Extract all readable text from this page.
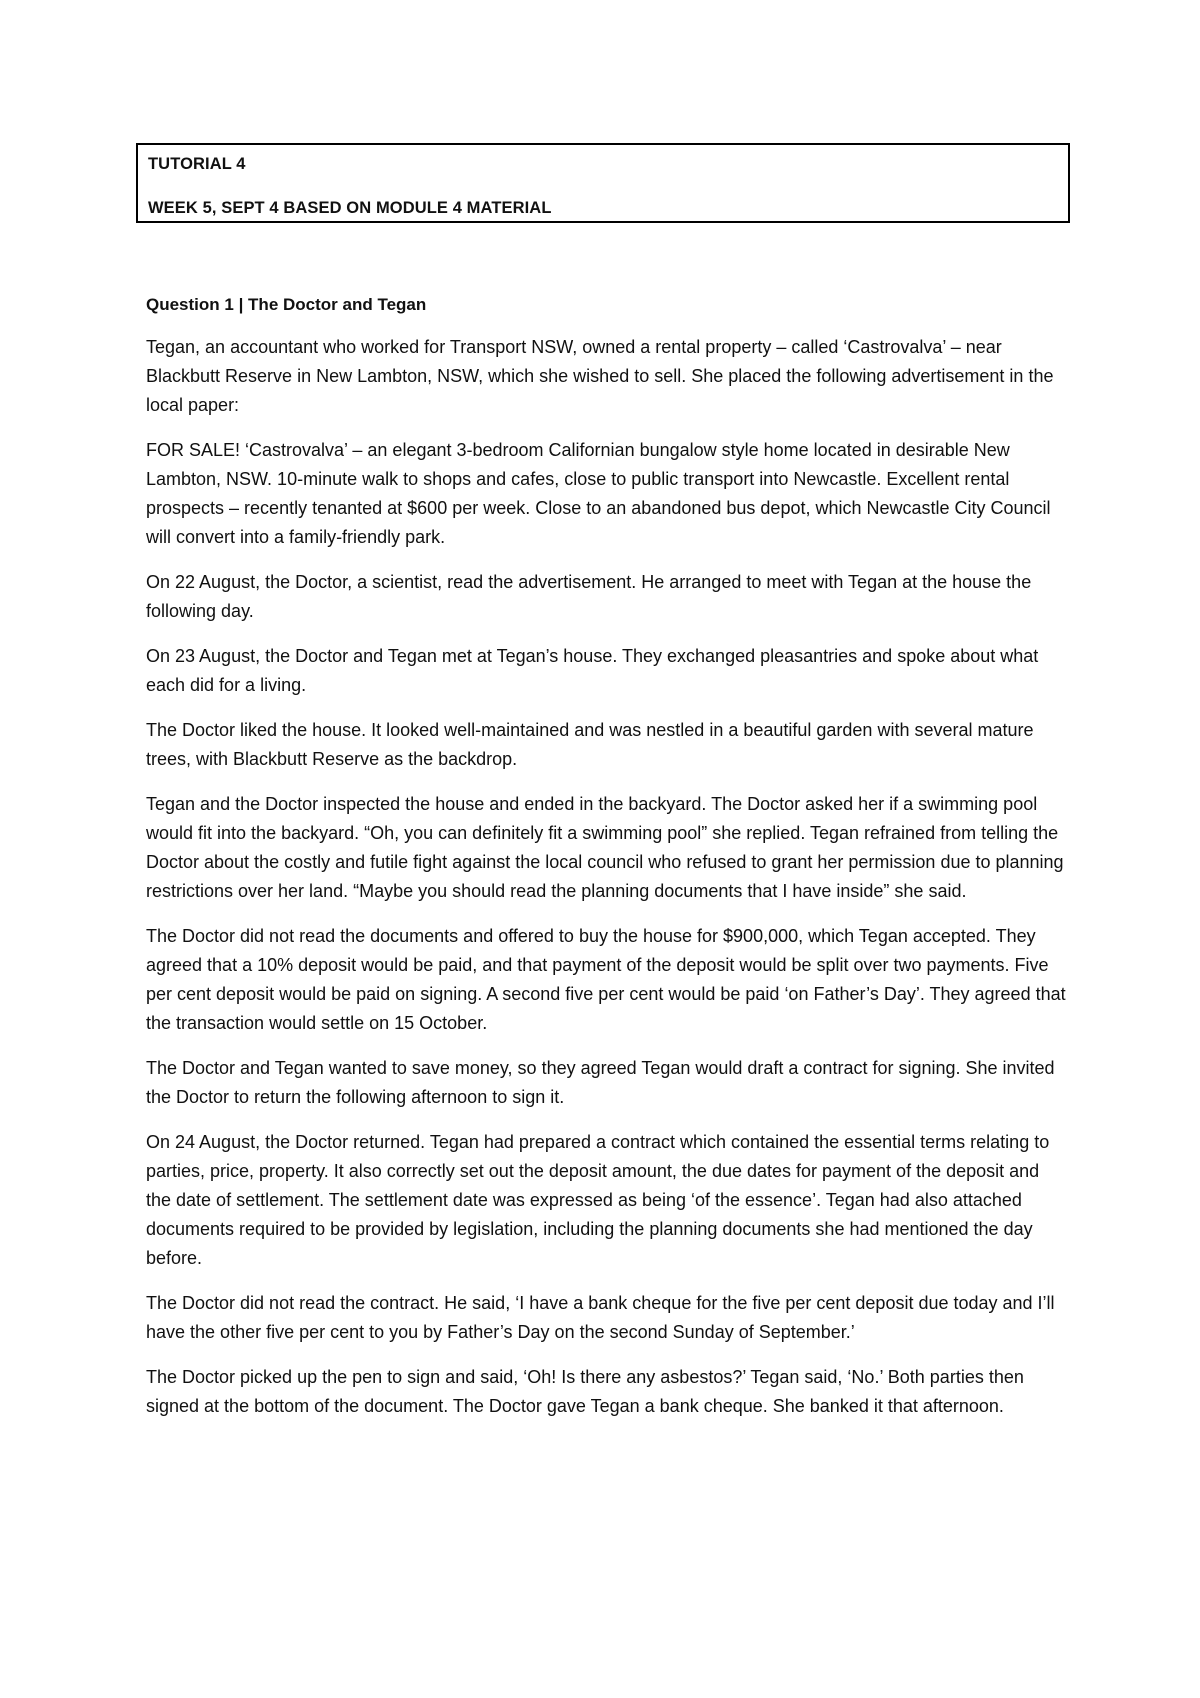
TUTORIAL 4
WEEK 5, SEPT 4 BASED ON MODULE 4 MATERIAL
Question 1 | The Doctor and Tegan

Tegan, an accountant who worked for Transport NSW, owned a rental property – called ‘Castrovalva’ – near Blackbutt Reserve in New Lambton, NSW, which she wished to sell. She placed the following advertisement in the local paper:

FOR SALE! ‘Castrovalva’ – an elegant 3-bedroom Californian bungalow style home located in desirable New Lambton, NSW. 10-minute walk to shops and cafes, close to public transport into Newcastle. Excellent rental prospects – recently tenanted at $600 per week. Close to an abandoned bus depot, which Newcastle City Council will convert into a family-friendly park.

On 22 August, the Doctor, a scientist, read the advertisement. He arranged to meet with Tegan at the house the following day.

On 23 August, the Doctor and Tegan met at Tegan’s house. They exchanged pleasantries and spoke about what each did for a living.

The Doctor liked the house. It looked well-maintained and was nestled in a beautiful garden with several mature trees, with Blackbutt Reserve as the backdrop.

Tegan and the Doctor inspected the house and ended in the backyard. The Doctor asked her if a swimming pool would fit into the backyard. “Oh, you can definitely fit a swimming pool” she replied. Tegan refrained from telling the Doctor about the costly and futile fight against the local council who refused to grant her permission due to planning restrictions over her land. “Maybe you should read the planning documents that I have inside” she said.

The Doctor did not read the documents and offered to buy the house for $900,000, which Tegan accepted. They agreed that a 10% deposit would be paid, and that payment of the deposit would be split over two payments. Five per cent deposit would be paid on signing. A second five per cent would be paid ‘on Father’s Day’. They agreed that the transaction would settle on 15 October.

The Doctor and Tegan wanted to save money, so they agreed Tegan would draft a contract for signing. She invited the Doctor to return the following afternoon to sign it.

On 24 August, the Doctor returned. Tegan had prepared a contract which contained the essential terms relating to parties, price, property. It also correctly set out the deposit amount, the due dates for payment of the deposit and the date of settlement. The settlement date was expressed as being ‘of the essence’. Tegan had also attached documents required to be provided by legislation, including the planning documents she had mentioned the day before.

The Doctor did not read the contract. He said, ‘I have a bank cheque for the five per cent deposit due today and I’ll have the other five per cent to you by Father’s Day on the second Sunday of September.’

The Doctor picked up the pen to sign and said, ‘Oh! Is there any asbestos?’ Tegan said, ‘No.’ Both parties then signed at the bottom of the document. The Doctor gave Tegan a bank cheque. She banked it that afternoon.
